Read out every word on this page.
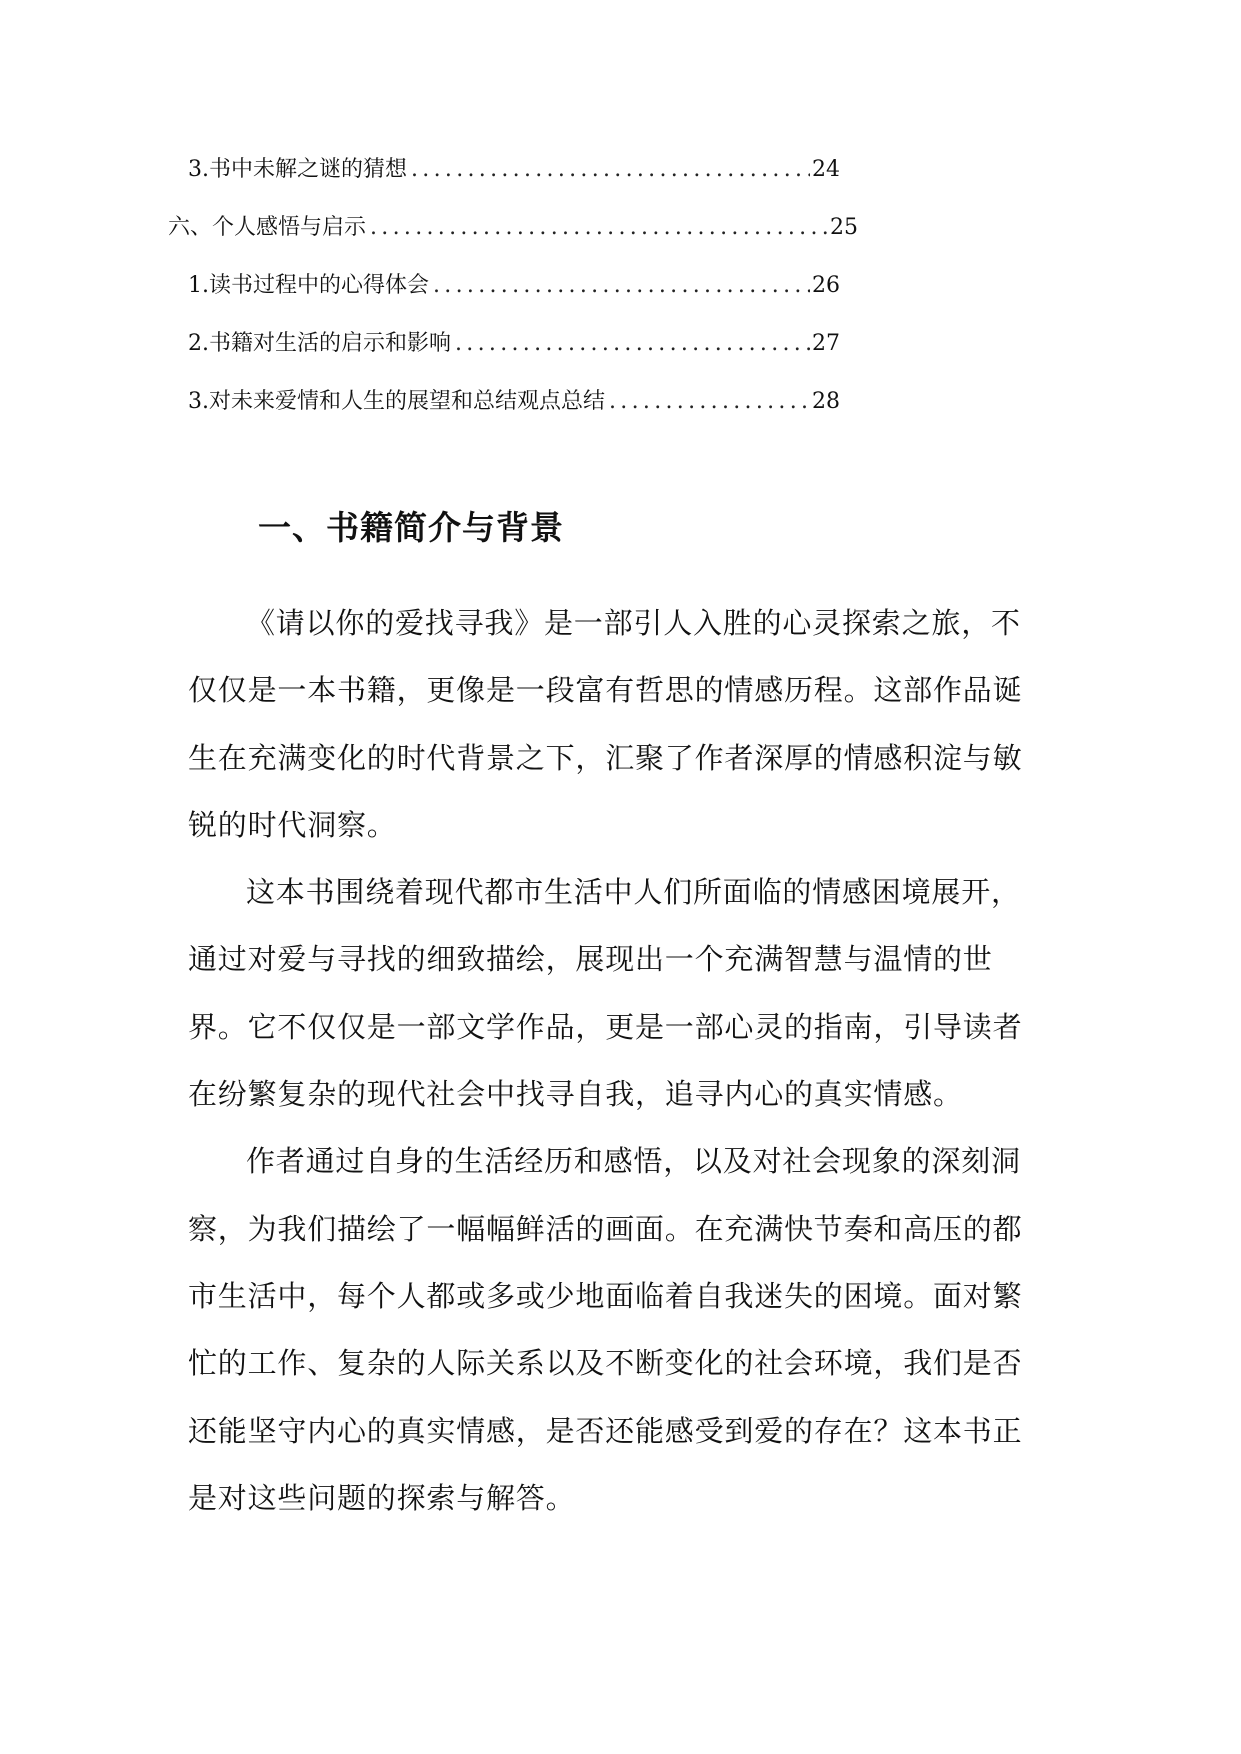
3. 书中未解之谜的猜想 .....	24
六、个人感悟与启示 .....	25
1. 读书过程中的心得体会 .....	26
2. 书籍对生活的启示和影响 .....	27
3. 对未来爱情和人生的展望和总结观点总结 .....	28
一、书籍简介与背景

《请以你的爱找寻我》是一部引人入胜的心灵探索之旅，不仅仅是一本书籍，更像是一段富有哲思的情感历程。这部作品诞生在充满变化的时代背景之下，汇聚了作者深厚的情感积淀与敏锐的时代洞察。

这本书围绕着现代都市生活中人们所面临的情感困境展开，通过对爱与寻找的细致描绘，展现出一个充满智慧与温情的世界。它不仅仅是一部文学作品，更是一部心灵的指南，引导读者在纷繁复杂的现代社会中找寻自我，追寻内心的真实情感。

作者通过自身的生活经历和感悟，以及对社会现象的深刻洞察，为我们描绘了一幅幅鲜活的画面。在充满快节奏和高压的都市生活中，每个人都或多或少地面临着自我迷失的困境。面对繁忙的工作、复杂的人际关系以及不断变化的社会环境，我们是否还能坚守内心的真实情感，是否还能感受到爱的存在？这本书正是对这些问题的探索与解答。
